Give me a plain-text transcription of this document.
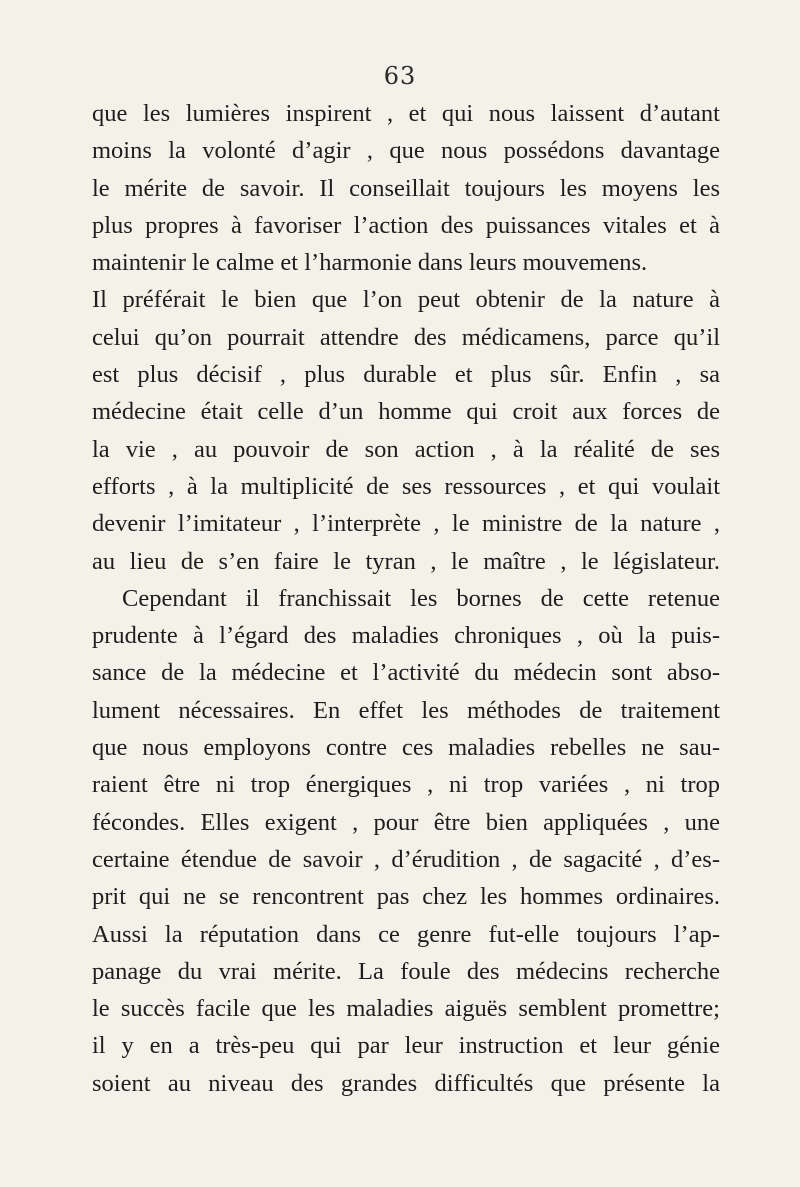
63
que les lumières inspirent , et qui nous laissent d’autant
moins la volonté d’agir , que nous possédons davantage
le mérite de savoir. Il conseillait toujours les moyens les
plus propres à favoriser l’action des puissances vitales et à
maintenir le calme et l’harmonie dans leurs mouvemens.
Il préférait le bien que l’on peut obtenir de la nature à
celui qu’on pourrait attendre des médicamens, parce qu’il
est plus décisif , plus durable et plus sûr. Enfin , sa
médecine était celle d’un homme qui croit aux forces de
la vie , au pouvoir de son action , à la réalité de ses
efforts , à la multiplicité de ses ressources , et qui voulait
devenir l’imitateur , l’interprète , le ministre de la nature ,
au lieu de s’en faire le tyran , le maître , le législateur.
Cependant il franchissait les bornes de cette retenue
prudente à l’égard des maladies chroniques , où la puis-
sance de la médecine et l’activité du médecin sont abso-
lument nécessaires. En effet les méthodes de traitement
que nous employons contre ces maladies rebelles ne sau-
raient être ni trop énergiques , ni trop variées , ni trop
fécondes. Elles exigent , pour être bien appliquées , une
certaine étendue de savoir , d’érudition , de sagacité , d’es-
prit qui ne se rencontrent pas chez les hommes ordinaires.
Aussi la réputation dans ce genre fut-elle toujours l’ap-
panage du vrai mérite. La foule des médecins recherche
le succès facile que les maladies aiguës semblent promettre;
il y en a très-peu qui par leur instruction et leur génie
soient au niveau des grandes difficultés que présente la
